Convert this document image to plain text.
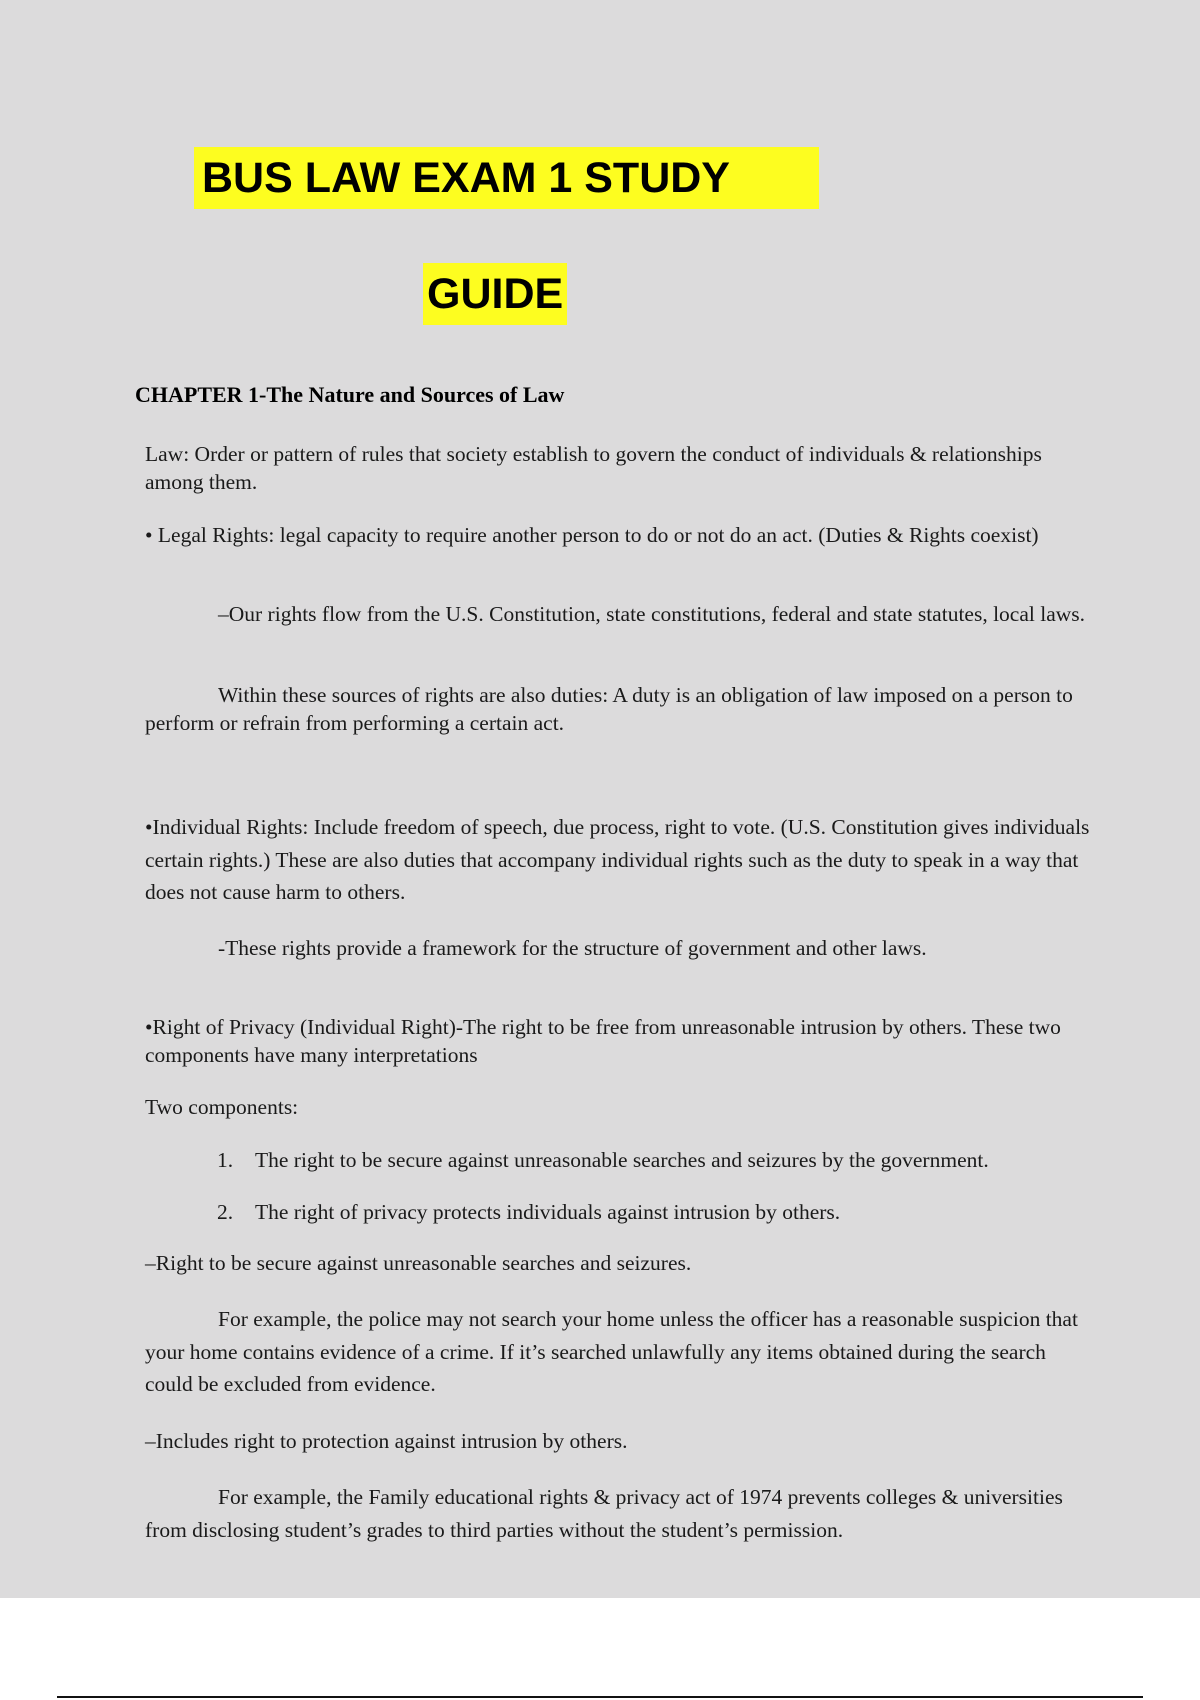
BUS LAW EXAM 1 STUDY
GUIDE
CHAPTER 1-The Nature and Sources of Law
Law: Order or pattern of rules that society establish to govern the conduct of individuals & relationships among them.
• Legal Rights: legal capacity to require another person to do or not do an act. (Duties & Rights coexist)
–Our rights flow from the U.S. Constitution, state constitutions, federal and state statutes, local laws.
Within these sources of rights are also duties: A duty is an obligation of law imposed on a person to perform or refrain from performing a certain act.
•Individual Rights: Include freedom of speech, due process, right to vote. (U.S. Constitution gives individuals certain rights.) These are also duties that accompany individual rights such as the duty to speak in a way that does not cause harm to others.
-These rights provide a framework for the structure of government and other laws.
•Right of Privacy (Individual Right)-The right to be free from unreasonable intrusion by others. These two components have many interpretations
Two components:
1. The right to be secure against unreasonable searches and seizures by the government.
2. The right of privacy protects individuals against intrusion by others.
–Right to be secure against unreasonable searches and seizures.
For example, the police may not search your home unless the officer has a reasonable suspicion that your home contains evidence of a crime. If it’s searched unlawfully any items obtained during the search could be excluded from evidence.
–Includes right to protection against intrusion by others.
For example, the Family educational rights & privacy act of 1974 prevents colleges & universities from disclosing student’s grades to third parties without the student’s permission.
